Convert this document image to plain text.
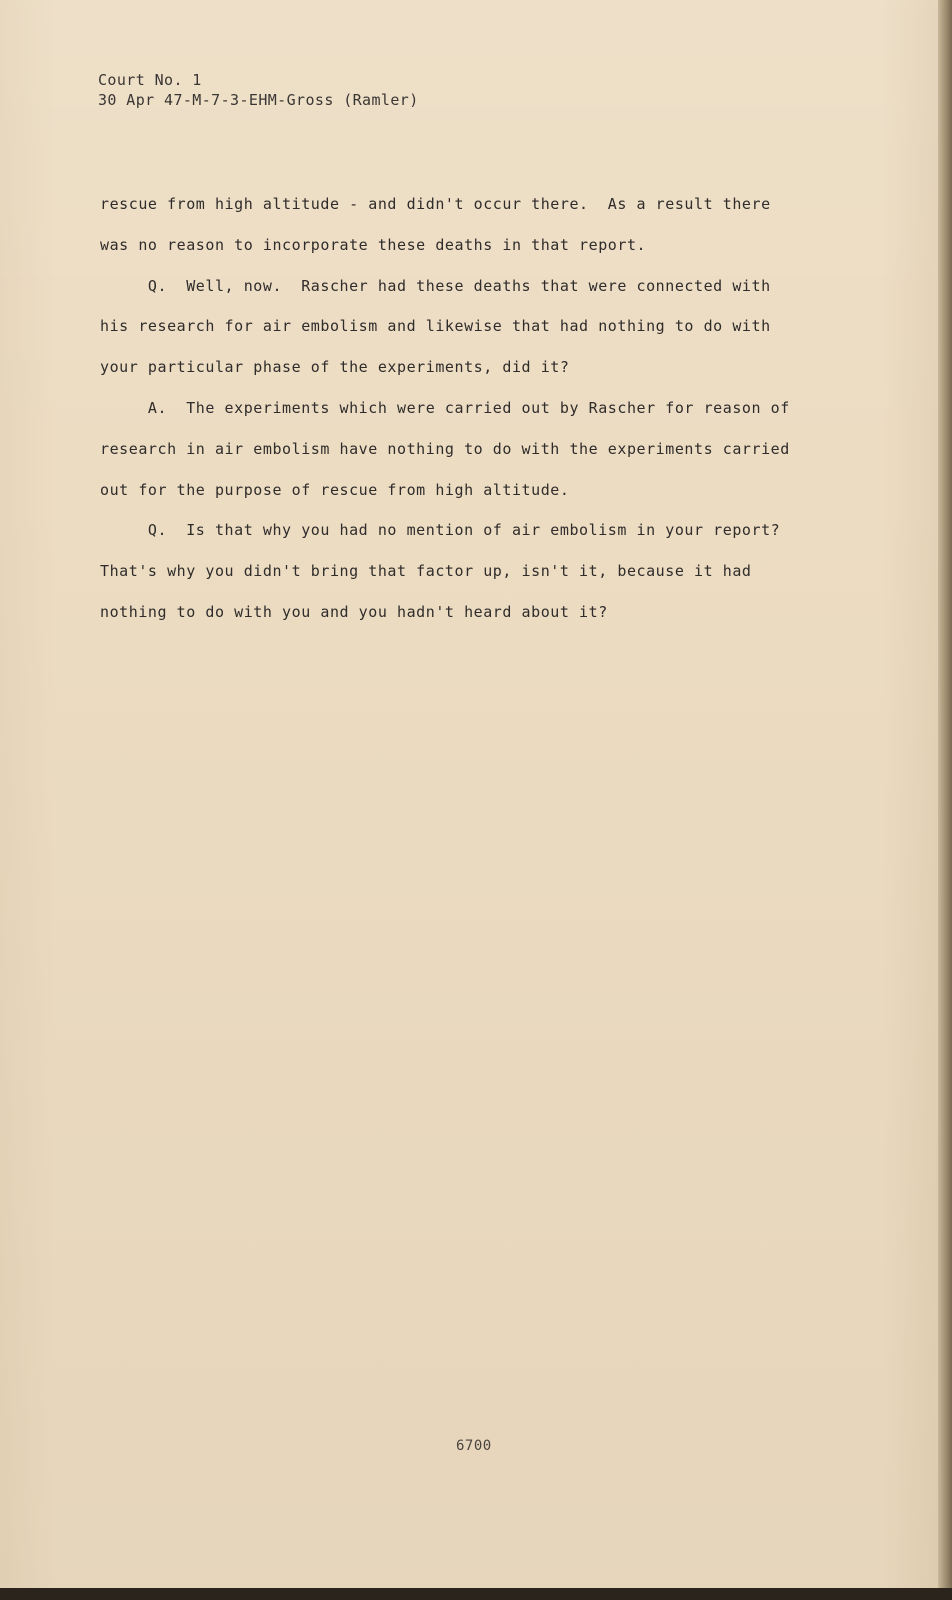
Court No. 1
30 Apr 47-M-7-3-EHM-Gross (Ramler)
rescue from high altitude - and didn't occur there.  As a result there
was no reason to incorporate these deaths in that report.
Q.  Well, now.  Rascher had these deaths that were connected with
his research for air embolism and likewise that had nothing to do with
your particular phase of the experiments, did it?
A.  The experiments which were carried out by Rascher for reason of
research in air embolism have nothing to do with the experiments carried
out for the purpose of rescue from high altitude.
Q.  Is that why you had no mention of air embolism in your report?
That's why you didn't bring that factor up, isn't it, because it had
nothing to do with you and you hadn't heard about it?
6700
